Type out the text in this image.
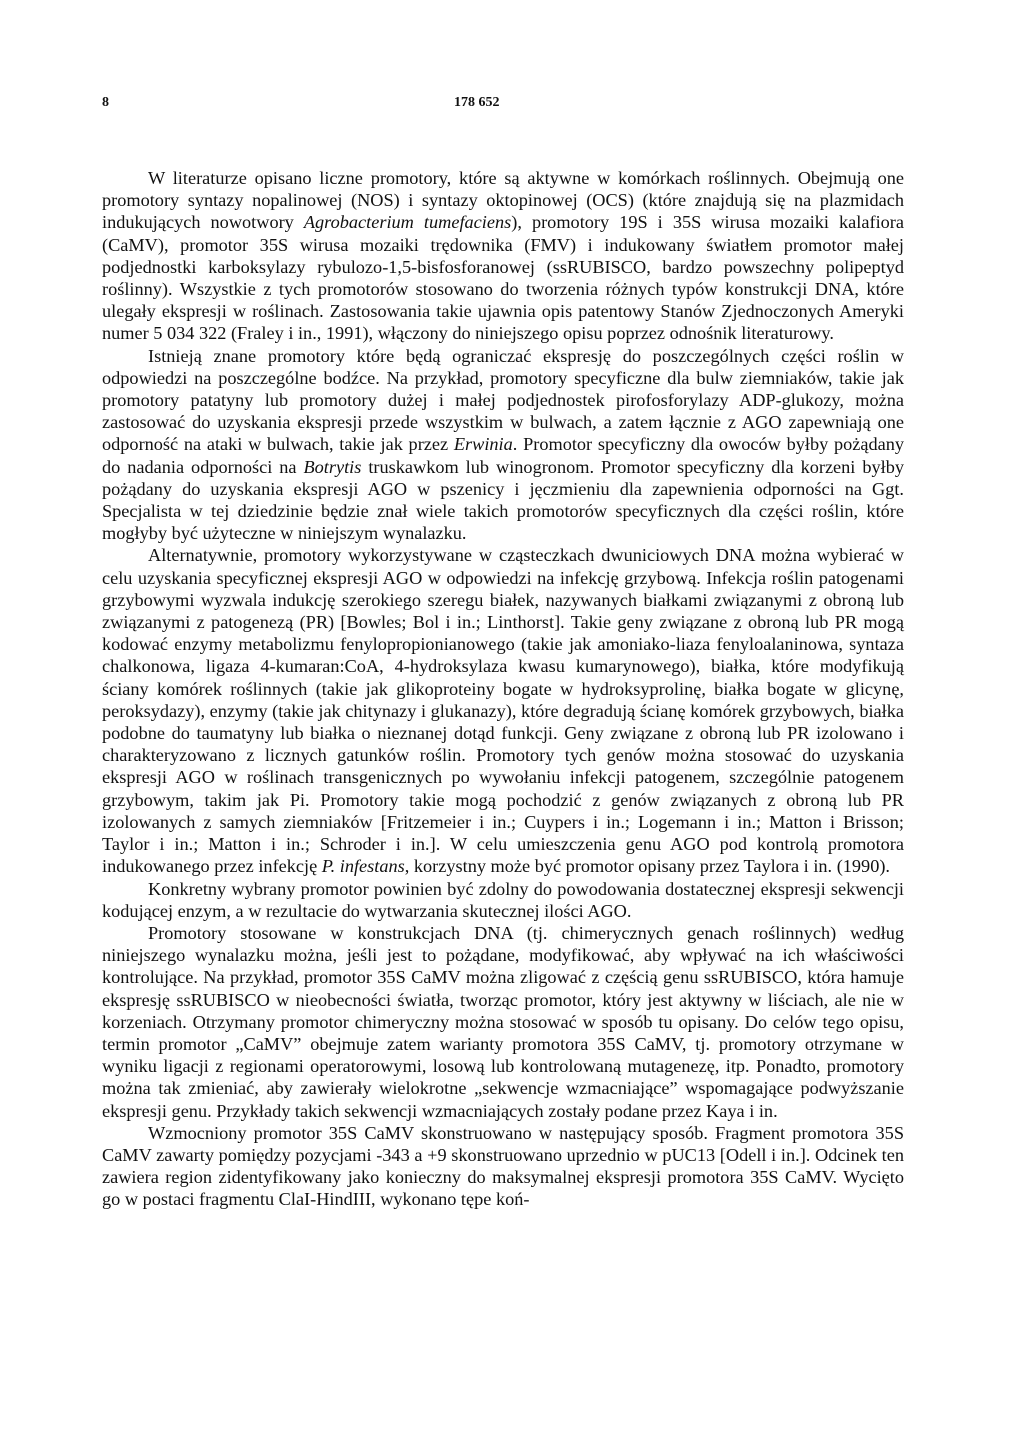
8	178 652

W literaturze opisano liczne promotory, które są aktywne w komórkach roślinnych. Obejmują one promotory syntazy nopalinowej (NOS) i syntazy oktopinowej (OCS) (które znajdują się na plazmidach indukujących nowotwory Agrobacterium tumefaciens), promotory 19S i 35S wirusa mozaiki kalafiora (CaMV), promotor 35S wirusa mozaiki trędownika (FMV) i indukowany światłem promotor małej podjednostki karboksylazy rybulozo-1,5-bisfosforanowej (ssRUBISCO, bardzo powszechny polipeptyd roślinny). Wszystkie z tych promotorów stosowano do tworzenia różnych typów konstrukcji DNA, które ulegały ekspresji w roślinach. Zastosowania takie ujawnia opis patentowy Stanów Zjednoczonych Ameryki numer 5 034 322 (Fraley i in., 1991), włączony do niniejszego opisu poprzez odnośnik literaturowy.

Istnieją znane promotory które będą ograniczać ekspresję do poszczególnych części roślin w odpowiedzi na poszczególne bodźce. Na przykład, promotory specyficzne dla bulw ziemniaków, takie jak promotory patatyny lub promotory dużej i małej podjednostek pirofosforylazy ADP-glukozy, można zastosować do uzyskania ekspresji przede wszystkim w bulwach, a zatem łącznie z AGO zapewniają one odporność na ataki w bulwach, takie jak przez Erwinia. Promotor specyficzny dla owoców byłby pożądany do nadania odporności na Botrytis truskawkom lub winogronom. Promotor specyficzny dla korzeni byłby pożądany do uzyskania ekspresji AGO w pszenicy i jęczmieniu dla zapewnienia odporności na Ggt. Specjalista w tej dziedzinie będzie znał wiele takich promotorów specyficznych dla części roślin, które mogłyby być użyteczne w niniejszym wynalazku.

Alternatywnie, promotory wykorzystywane w cząsteczkach dwuniciowych DNA można wybierać w celu uzyskania specyficznej ekspresji AGO w odpowiedzi na infekcję grzybową. Infekcja roślin patogenami grzybowymi wyzwala indukcję szerokiego szeregu białek, nazywanych białkami związanymi z obroną lub związanymi z patogenezą (PR) [Bowles; Bol i in.; Linthorst]. Takie geny związane z obroną lub PR mogą kodować enzymy metabolizmu fenylopropionianowego (takie jak amoniako-liaza fenyloalaninowa, syntaza chalkonowa, ligaza 4-kumaran:CoA, 4-hydroksylaza kwasu kumarynowego), białka, które modyfikują ściany komórek roślinnych (takie jak glikoproteiny bogate w hydroksyprolinę, białka bogate w glicynę, peroksydazy), enzymy (takie jak chitynazy i glukanazy), które degradują ścianę komórek grzybowych, białka podobne do taumatyny lub białka o nieznanej dotąd funkcji. Geny związane z obroną lub PR izolowano i charakteryzowano z licznych gatunków roślin. Promotory tych genów można stosować do uzyskania ekspresji AGO w roślinach transgenicznych po wywołaniu infekcji patogenem, szczególnie patogenem grzybowym, takim jak Pi. Promotory takie mogą pochodzić z genów związanych z obroną lub PR izolowanych z samych ziemniaków [Fritzemeier i in.; Cuypers i in.; Logemann i in.; Matton i Brisson; Taylor i in.; Matton i in.; Schroder i in.]. W celu umieszczenia genu AGO pod kontrolą promotora indukowanego przez infekcję P. infestans, korzystny może być promotor opisany przez Taylora i in. (1990).

Konkretny wybrany promotor powinien być zdolny do powodowania dostatecznej ekspresji sekwencji kodującej enzym, a w rezultacie do wytwarzania skutecznej ilości AGO.

Promotory stosowane w konstrukcjach DNA (tj. chimerycznych genach roślinnych) według niniejszego wynalazku można, jeśli jest to pożądane, modyfikować, aby wpływać na ich właściwości kontrolujące. Na przykład, promotor 35S CaMV można zligować z częścią genu ssRUBISCO, która hamuje ekspresję ssRUBISCO w nieobecności światła, tworząc promotor, który jest aktywny w liściach, ale nie w korzeniach. Otrzymany promotor chimeryczny można stosować w sposób tu opisany. Do celów tego opisu, termin promotor „CaMV” obejmuje zatem warianty promotora 35S CaMV, tj. promotory otrzymane w wyniku ligacji z regionami operatorowymi, losową lub kontrolowaną mutagenezę, itp. Ponadto, promotory można tak zmieniać, aby zawierały wielokrotne „sekwencje wzmacniające” wspomagające podwyższanie ekspresji genu. Przykłady takich sekwencji wzmacniających zostały podane przez Kaya i in.

Wzmocniony promotor 35S CaMV skonstruowano w następujący sposób. Fragment promotora 35S CaMV zawarty pomiędzy pozycjami -343 a +9 skonstruowano uprzednio w pUC13 [Odell i in.]. Odcinek ten zawiera region zidentyfikowany jako konieczny do maksymalnej ekspresji promotora 35S CaMV. Wycięto go w postaci fragmentu ClaI-HindIII, wykonano tępe koń-
